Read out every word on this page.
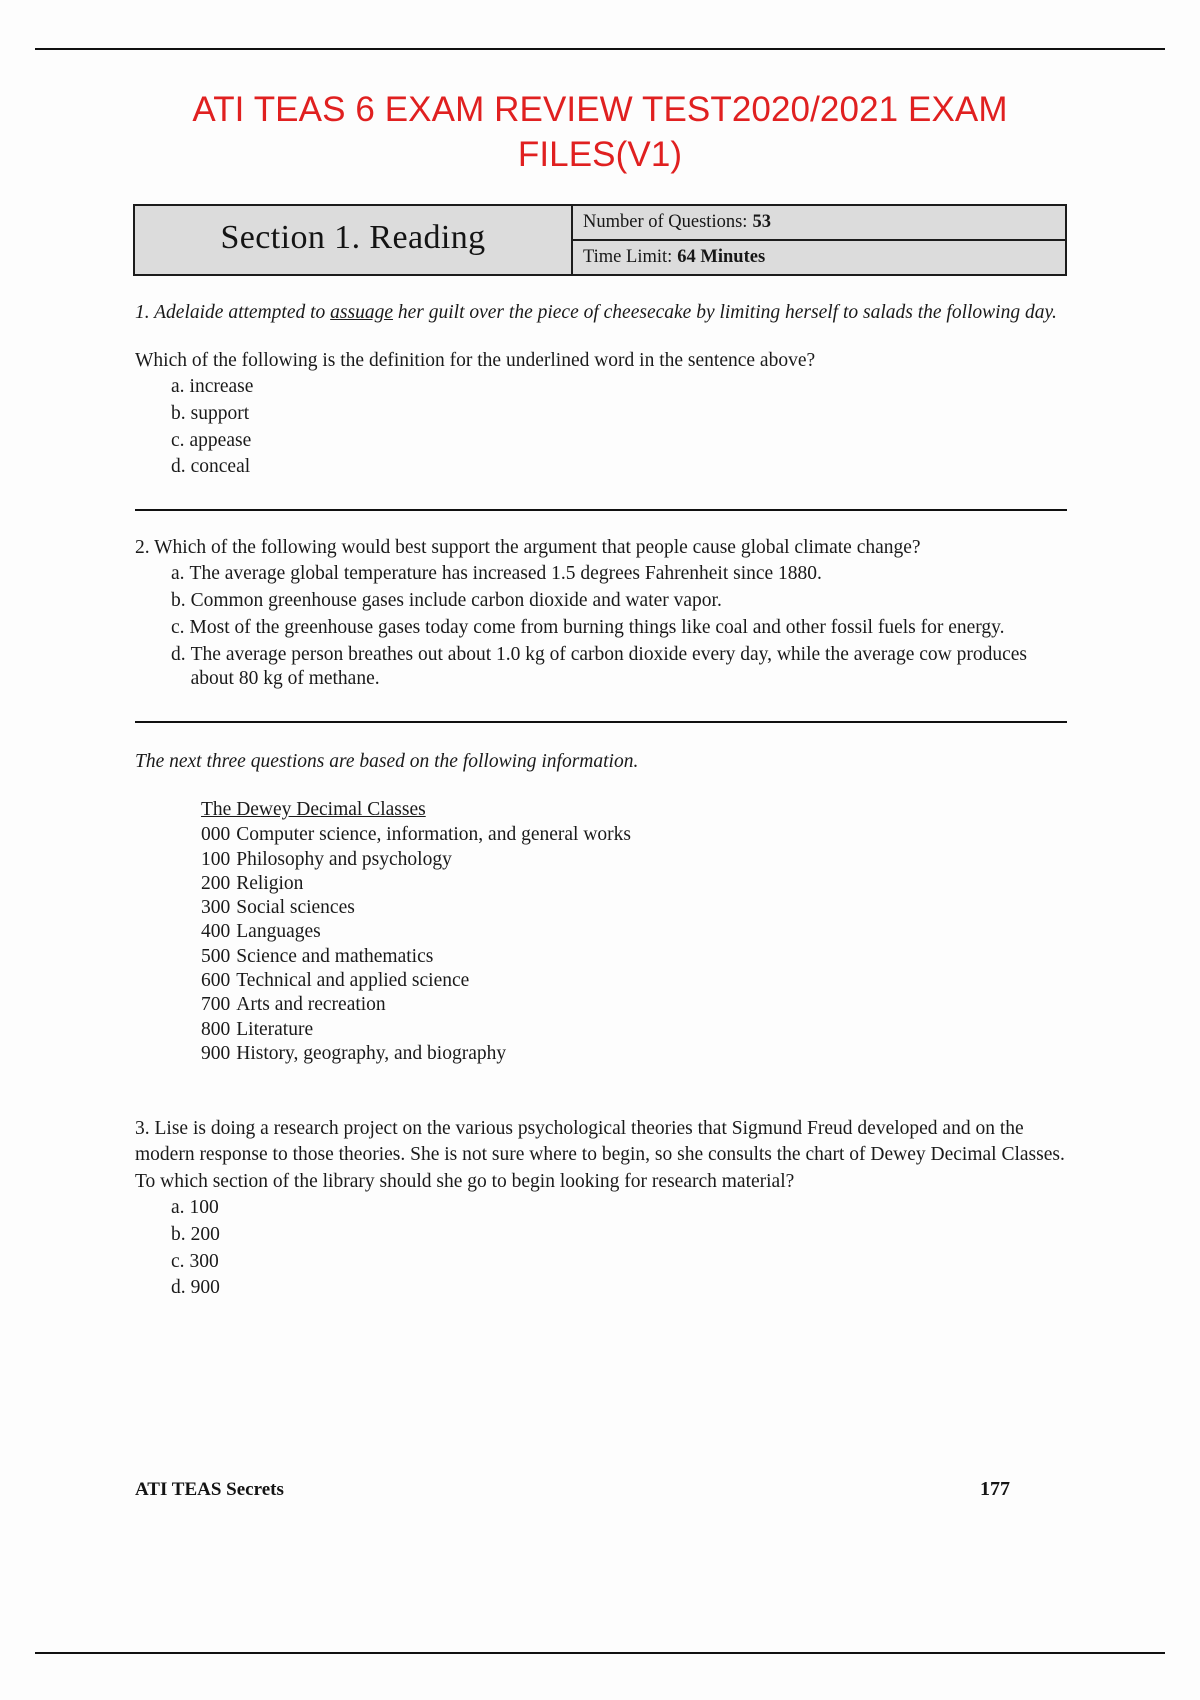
ATI TEAS 6 EXAM REVIEW TEST2020/2021 EXAM FILES(V1)
Section 1. Reading	Number of Questions: 53
Time Limit: 64 Minutes

1. Adelaide attempted to assuage her guilt over the piece of cheesecake by limiting herself to salads the following day.

Which of the following is the definition for the underlined word in the sentence above?

a. increase
b. support
c. appease
d. conceal

2. Which of the following would best support the argument that people cause global climate change?

a. The average global temperature has increased 1.5 degrees Fahrenheit since 1880.
b. Common greenhouse gases include carbon dioxide and water vapor.
c. Most of the greenhouse gases today come from burning things like coal and other fossil fuels for energy.
d. The average person breathes out about 1.0 kg of carbon dioxide every day, while the average cow produces about 80 kg of methane.

The next three questions are based on the following information.

The Dewey Decimal Classes
000 Computer science, information, and general works
100 Philosophy and psychology
200 Religion
300 Social sciences
400 Languages
500 Science and mathematics
600 Technical and applied science
700 Arts and recreation
800 Literature
900 History, geography, and biography

3. Lise is doing a research project on the various psychological theories that Sigmund Freud developed and on the modern response to those theories. She is not sure where to begin, so she consults the chart of Dewey Decimal Classes. To which section of the library should she go to begin looking for research material?

a. 100
b. 200
c. 300
d. 900
ATI TEAS Secrets	177
